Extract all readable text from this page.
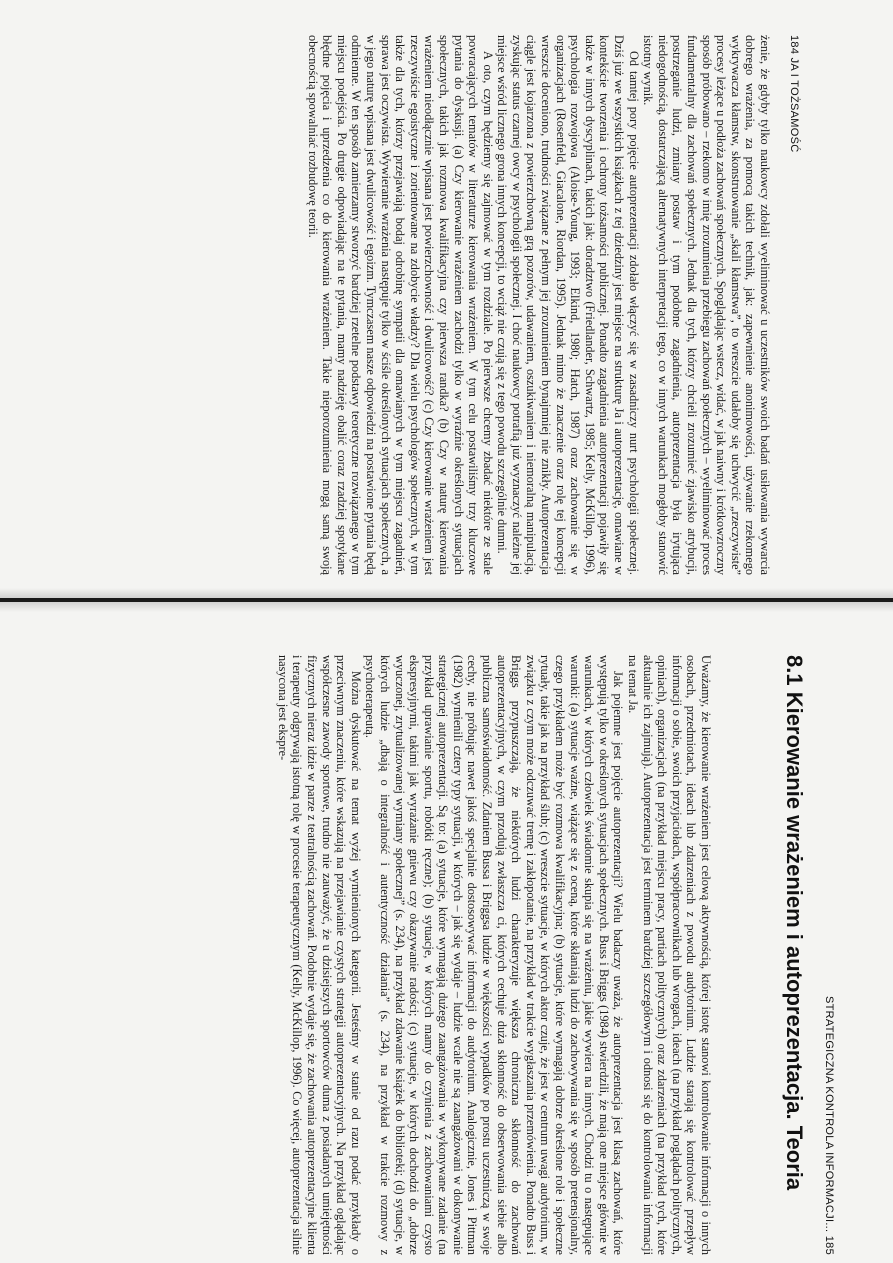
184 JA I TOŻSAMOŚĆ

żenie, że gdyby tylko naukowcy zdołali wyeliminować u uczestników swoich badań usiłowania wywarcia dobrego wrażenia, za pomocą takich technik, jak: zapewnienie anonimowości, używanie rzekomego wykrywacza kłamstw, skonstruowanie „skali kłamstwa”, to wreszcie udałoby się uchwycić „rzeczywiste” procesy leżące u podłoża zachowań społecznych. Spoglądając wstecz, widać, w jak naiwny i krótkowzroczny sposób próbowano – rzekomo w imię zrozumienia przebiegu zachowań społecznych – wyeliminować proces fundamentalny dla zachowań społecznych. Jednak dla tych, którzy chcieli zrozumieć zjawisko atrybucji, postrzeganie ludzi, zmiany postaw i tym podobne zagadnienia, autoprezentacja była irytująca niedogodnością, dostarczającą alternatywnych interpretacji tego, co w innych warunkach mogłoby stanowić istotny wynik.

Od tamtej pory pojęcie autoprezentacji zdołało włączyć się w zasadniczy nurt psychologii społecznej. Dziś już we wszystkich książkach z tej dziedziny jest miejsce na strukturę Ja i autoprezentację, omawiane w kontekście tworzenia i ochrony tożsamości publicznej. Ponadto zagadnienia autoprezentacji pojawiły się także w innych dyscyplinach, takich jak: doradztwo (Friedlander, Schwartz, 1985; Kelly, McKillop, 1996), psychologia rozwojowa (Aloise-Young, 1993; Elkind, 1980; Hatch, 1987) oraz zachowanie się w organizacjach (Rosenfeld, Giacalone, Riordan, 1995). Jednak mimo że znaczenie oraz rolę tej koncepcji wreszcie doceniono, trudności związane z pełnym jej zrozumieniem bynajmniej nie znikły. Autoprezentacja ciągle jest kojarzona z powierzchowną grą pozorów, udawaniem, oszukiwaniem i niemoralną manipulacją, zyskując status czarnej owcy w psychologii społecznej. I choć naukowcy potrafią już wyznaczyć należne jej miejsce wśród licznego grona innych koncepcji, to wciąż nie czują się z tego powodu szczególnie dumni.

A oto, czym będziemy się zajmować w tym rozdziale. Po pierwsze chcemy zbadać niektóre ze stale powracających tematów w literaturze kierowania wrażeniem. W tym celu postawiliśmy trzy kluczowe pytania do dyskusji. (a) Czy kierowanie wrażeniem zachodzi tylko w wyraźnie określonych sytuacjach społecznych, takich jak rozmowa kwalifikacyjna czy pierwsza randka? (b) Czy w naturę kierowania wrażeniem nieodłącznie wpisana jest powierzchowność i dwulicowość? (c) Czy kierowanie wrażeniem jest rzeczywiście egoistyczne i zorientowane na zdobycie władzy? Dla wielu psychologów społecznych, w tym także dla tych, którzy przejawiają bodaj odrobinę sympatii dla omawianych w tym miejscu zagadnień, sprawa jest oczywista. Wywieranie wrażenia następuje tylko w ściśle określonych sytuacjach społecznych, a w jego naturę wpisana jest dwulicowość i egoizm. Tymczasem nasze odpowiedzi na postawione pytania będą odmienne. W ten sposób zamierzamy stworzyć bardziej rzetelne podstawy teoretyczne rozwiązanego w tym miejscu podejścia. Po drugie odpowiadając na te pytania, mamy nadzieję obalić coraz rzadziej spotykane błędne pojęcia i uprzedzenia co do kierowania wrażeniem. Takie nieporozumienia mogą samą swoją obecnością spowalniać rozbudowę teorii.

STRATEGICZNA KONTROLA INFORMACJI... 185
8.1 Kierowanie wrażeniem i autoprezentacja. Teoria

Uważamy, że kierowanie wrażeniem jest celową aktywnością, której istotę stanowi kontrolowanie informacji o innych osobach, przedmiotach, ideach lub zdarzeniach z powodu audytorium. Ludzie starają się kontrolować przepływ informacji o sobie, swoich przyjaciołach, współpracownikach lub wrogach, ideach (na przykład poglądach politycznych, opiniach), organizacjach (na przykład miejscu pracy, partiach politycznych) oraz zdarzeniach (na przykład tych, które aktualnie ich zajmują). Autoprezentacja jest terminem bardziej szczegółowym i odnosi się do kontrolowania informacji na temat Ja.

Jak pojemne jest pojęcie autoprezentacji? Wielu badaczy uważa, że autoprezentacja jest klasą zachowań, które występują tylko w określonych sytuacjach społecznych. Buss i Briggs (1984) stwierdzili, że mają one miejsce głównie w warunkach, w których człowiek świadomie skupia się na wrażeniu, jakie wywiera na innych. Chodzi tu o następujące warunki: (a) sytuacje ważne, wiążące się z oceną, które skłaniają ludzi do zachowywania się w sposób pretensjonalny, czego przykładem może być rozmowa kwalifikacyjna; (b) sytuacje, które wymagają dobrze określone role i społeczne rytuały, takie jak na przykład ślub; (c) wreszcie sytuacje, w których aktor czuje, że jest w centrum uwagi audytorium, w związku z czym może odczuwać tremę i zakłopotanie, na przykład w trakcie wygłaszania przemówienia. Ponadto Buss i Briggs przypuszczają, że niektórych ludzi charakteryzuje większa chroniczna skłonność do zachowań autoprezentacyjnych, w czym przodują zwłaszcza ci, których cechuje duża skłonność do obserwowania siebie albo publiczna samoświadomość. Zdaniem Bussa i Briggsa ludzie w większości wypadków po prostu uczestniczą w swoje cechy, nie próbując nawet jakoś specjalnie dostosowywać informacji do audytorium. Analogicznie, Jones i Pittman (1982) wymienili cztery typy sytuacji, w których – jak się wydaje – ludzie wcale nie są zaangażowani w dokonywanie strategicznej autoprezentacji. Są to: (a) sytuacje, które wymagają dużego zaangażowania w wykonywane zadanie (na przykład uprawianie sportu, robótki ręczne); (b) sytuacje, w których mamy do czynienia z zachowaniami czysto ekspresyjnymi, takimi jak wyrażanie gniewu czy okazywanie radości; (c) sytuacje, w których dochodzi do „dobrze wyuczonej, zrytualizowanej wymiany społecznej” (s. 234), na przykład zdawanie książek do biblioteki; (d) sytuacje, w których ludzie „dbają o integralność i autentyczność działania” (s. 234), na przykład w trakcie rozmowy z psychoterapeutą.

Można dyskutować na temat wyżej wymienionych kategorii. Jesteśmy w stanie od razu podać przykłady o przeciwnym znaczeniu, które wskazują na przejawianie czystych strategii autoprezentacyjnych. Na przykład oglądając współczesne zawody sportowe, trudno nie zauważyć, że u dzisiejszych sportowców duma z posiadanych umiejętności fizycznych nieraz idzie w parze z teatralnością zachowań. Podobnie wydaje się, że zachowania autoprezentacyjne klienta i terapeuty odgrywają istotną rolę w procesie terapeutycznym (Kelly, McKillop, 1996). Co więcej, autoprezentacja silnie nasycona jest ekspre-
